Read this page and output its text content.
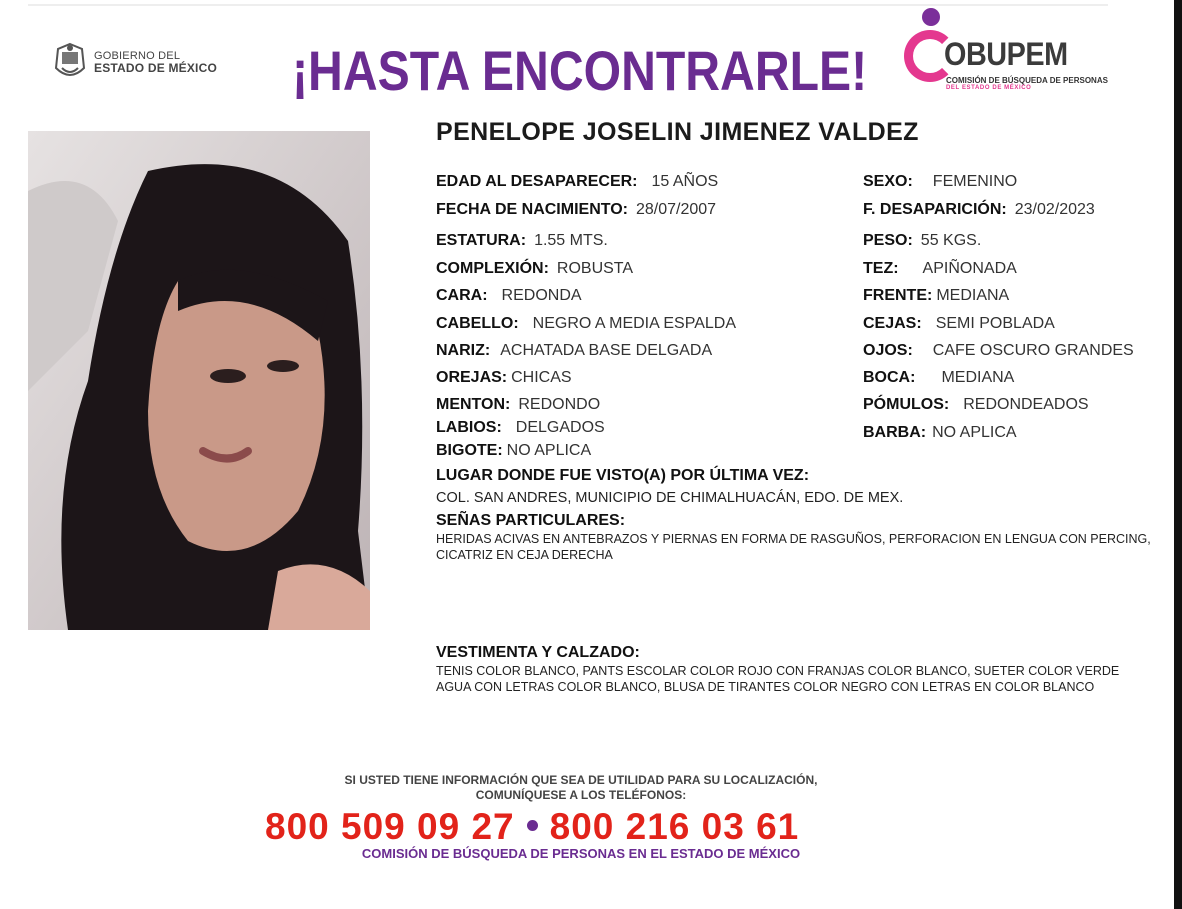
GOBIERNO DEL
ESTADO DE MÉXICO ¡HASTA ENCONTRARLE! OBUPEM
COMISIÓN DE BÚSQUEDA DE PERSONAS
DEL ESTADO DE MÉXICO
PENELOPE JOSELIN JIMENEZ VALDEZ
EDAD AL DESAPARECER: 15 AÑOS
FECHA DE NACIMIENTO: 28/07/2007
ESTATURA: 1.55 MTS.
COMPLEXIÓN: ROBUSTA
CARA: REDONDA
CABELLO: NEGRO A MEDIA ESPALDA
NARIZ: ACHATADA BASE DELGADA
OREJAS: CHICAS
MENTON: REDONDO
LABIOS: DELGADOS
BIGOTE: NO APLICA
SEXO: FEMENINO
F. DESAPARICIÓN: 23/02/2023
PESO: 55 KGS.
TEZ: APIÑONADA
FRENTE: MEDIANA
CEJAS: SEMI POBLADA
OJOS: CAFE OSCURO GRANDES
BOCA: MEDIANA
PÓMULOS: REDONDEADOS
BARBA: NO APLICA
LUGAR DONDE FUE VISTO(A) POR ÚLTIMA VEZ:
COL. SAN ANDRES, MUNICIPIO DE CHIMALHUACÁN, EDO. DE MEX.
SEÑAS PARTICULARES:
HERIDAS ACIVAS EN ANTEBRAZOS Y PIERNAS EN FORMA DE RASGUÑOS, PERFORACION EN LENGUA CON PERCING, CICATRIZ EN CEJA DERECHA
VESTIMENTA Y CALZADO:
TENIS COLOR BLANCO, PANTS ESCOLAR COLOR ROJO CON FRANJAS COLOR BLANCO, SUETER COLOR VERDE AGUA CON LETRAS COLOR BLANCO, BLUSA DE TIRANTES COLOR NEGRO CON LETRAS EN COLOR BLANCO
SI USTED TIENE INFORMACIÓN QUE SEA DE UTILIDAD PARA SU LOCALIZACIÓN,
COMUNÍQUESE A LOS TELÉFONOS:
800 509 09 27 800 216 03 61
COMISIÓN DE BÚSQUEDA DE PERSONAS EN EL ESTADO DE MÉXICO
